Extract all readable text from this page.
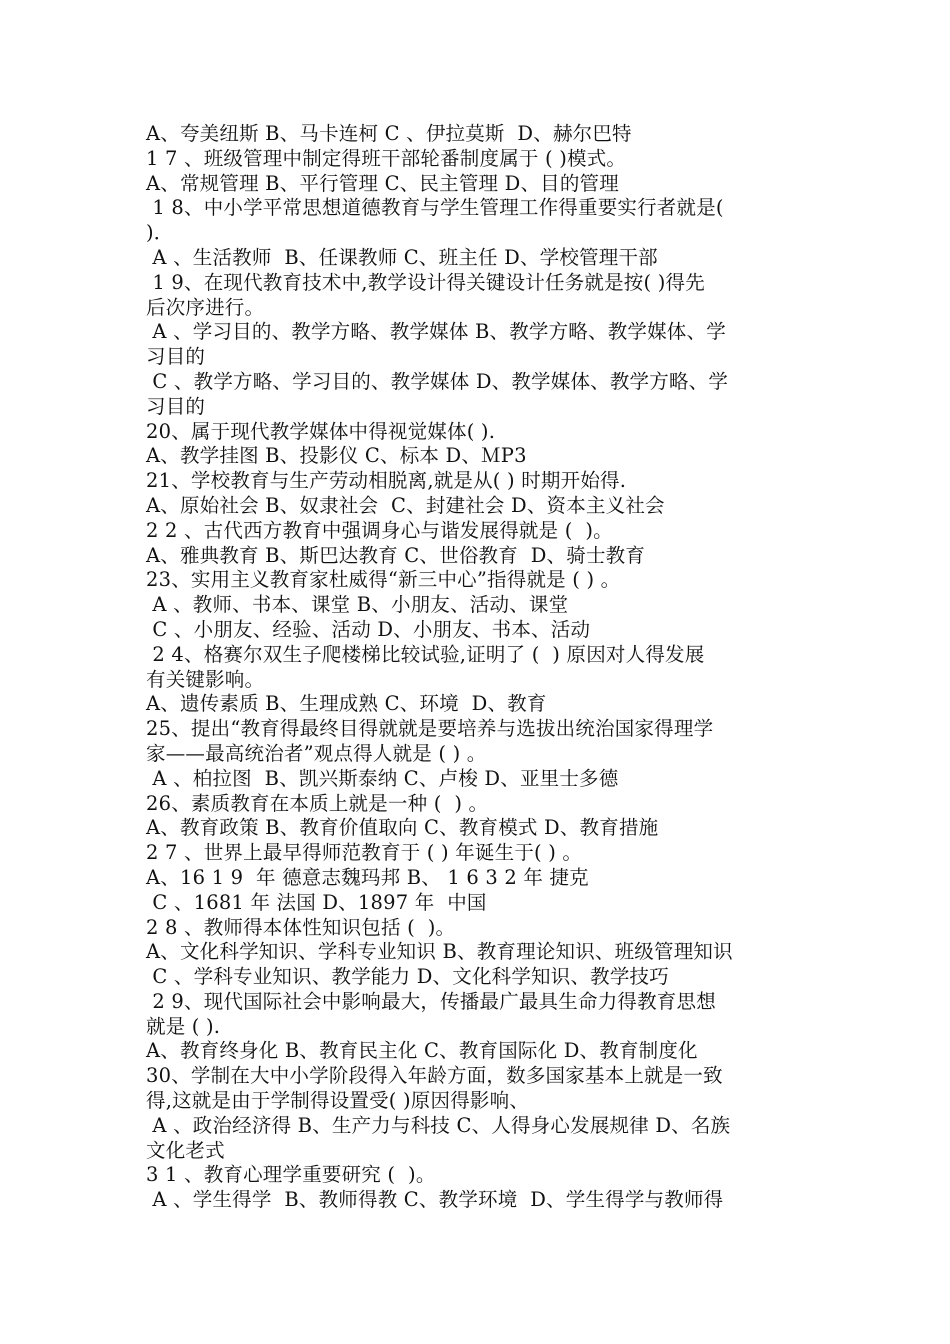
A、夸美纽斯 B、马卡连柯 C 、伊拉莫斯  D、赫尔巴特
1 7 、班级管理中制定得班干部轮番制度属于 ( )模式。
A、常规管理 B、平行管理 C、民主管理 D、目的管理
1 8、中小学平常思想道德教育与学生管理工作得重要实行者就是(
)．
A 、生活教师  B、任课教师 C、班主任 D、学校管理干部
1 9、在现代教育技术中,教学设计得关键设计任务就是按( )得先
后次序进行。
A 、学习目的、教学方略、教学媒体 B、教学方略、教学媒体、学
习目的
C 、教学方略、学习目的、教学媒体 D、教学媒体、教学方略、学
习目的
20、属于现代教学媒体中得视觉媒体( ).
A、教学挂图 B、投影仪 C、标本 D、ＭP3
21、学校教育与生产劳动相脱离,就是从( ) 时期开始得.
A、原始社会 B、奴隶社会  C、封建社会 D、资本主义社会
2 2 、古代西方教育中强调身心与谐发展得就是 (  )。
A、雅典教育 B、斯巴达教育 C、世俗教育  D、骑士教育
23、实用主义教育家杜威得“新三中心”指得就是 ( ) 。
A 、教师、书本、课堂 B、小朋友、活动、课堂
C 、小朋友、经验、活动 D、小朋友、书本、活动
2 4、格赛尔双生子爬楼梯比较试验,证明了 (  ) 原因对人得发展
有关键影响。
A、遗传素质 B、生理成熟 C、环境  D、教育
25、提出“教育得最终目得就就是要培养与选拔出统治国家得理学
家——最高统治者”观点得人就是 ( ) 。
A 、柏拉图  B、凯兴斯泰纳 C、卢梭 D、亚里士多德
26、素质教育在本质上就是一种 (  ) 。
A、教育政策 B、教育价值取向 C、教育模式 D、教育措施
2 7 、世界上最早得师范教育于 ( ) 年诞生于( ) 。
A、16 1 9  年 德意志魏玛邦 B、 1 6 3 2 年 捷克
C 、1681 年 法国 D、1897 年  中国
2 8 、教师得本体性知识包括 (  )。
A、文化科学知识、学科专业知识 B、教育理论知识、班级管理知识
C 、学科专业知识、教学能力 D、文化科学知识、教学技巧
2 9、现代国际社会中影响最大，传播最广最具生命力得教育思想
就是 ( ).
A、教育终身化 B、教育民主化 C、教育国际化 D、教育制度化
30、学制在大中小学阶段得入年龄方面，数多国家基本上就是一致
得,这就是由于学制得设置受( )原因得影响、
A 、政治经济得 B、生产力与科技 C、人得身心发展规律 D、名族
文化老式
3 1 、教育心理学重要研究 (  )。
A 、学生得学  B、教师得教 C、教学环境  D、学生得学与教师得
